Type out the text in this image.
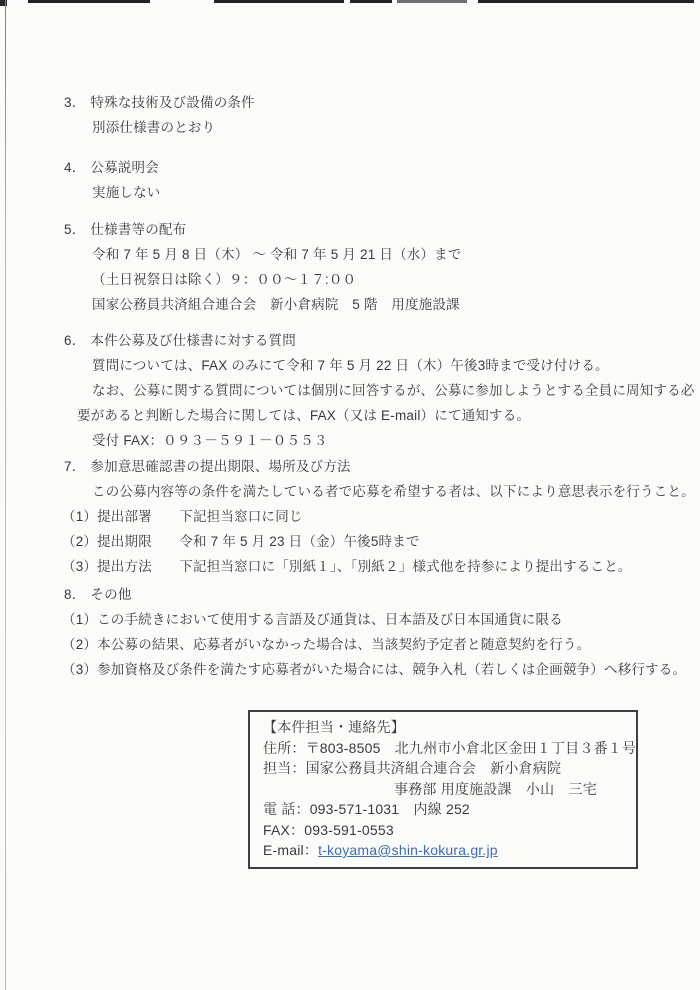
3． 特殊な技術及び設備の条件
別添仕様書のとおり
4． 公募説明会
実施しない
5． 仕様書等の配布
令和 7 年 5 月 8 日（木） ～ 令和 7 年 5 月 21 日（水）まで
（土日祝祭日は除く）９：００～１７:００
国家公務員共済組合連合会　新小倉病院　5 階　用度施設課
6． 本件公募及び仕様書に対する質問
質問については、FAX のみにて令和 7 年 5 月 22 日（木）午後3時まで受け付ける。
なお、公募に関する質問については個別に回答するが、公募に参加しようとする全員に周知する必
要があると判断した場合に関しては、FAX（又は E-mail）にて通知する。
受付 FAX：０９３－５９１－０５５３
7． 参加意思確認書の提出期限、場所及び方法
この公募内容等の条件を満たしている者で応募を希望する者は、以下により意思表示を行うこと。
（1）提出部署　　下記担当窓口に同じ
（2）提出期限　　令和 7 年 5 月 23 日（金）午後5時まで
（3）提出方法　　下記担当窓口に「別紙１」、「別紙２」様式他を持参により提出すること。
8． その他
（1）この手続きにおいて使用する言語及び通貨は、日本語及び日本国通貨に限る
（2）本公募の結果、応募者がいなかった場合は、当該契約予定者と随意契約を行う。
（3）参加資格及び条件を満たす応募者がいた場合には、競争入札（若しくは企画競争）へ移行する。
【本件担当・連絡先】
住所：〒803-8505　北九州市小倉北区金田１丁目３番１号
担当：国家公務員共済組合連合会　新小倉病院
事務部 用度施設課　小山　三宅
電 話：093-571-1031　内線 252
FAX：093-591-0553
E-mail：t-koyama@shin-kokura.gr.jp
